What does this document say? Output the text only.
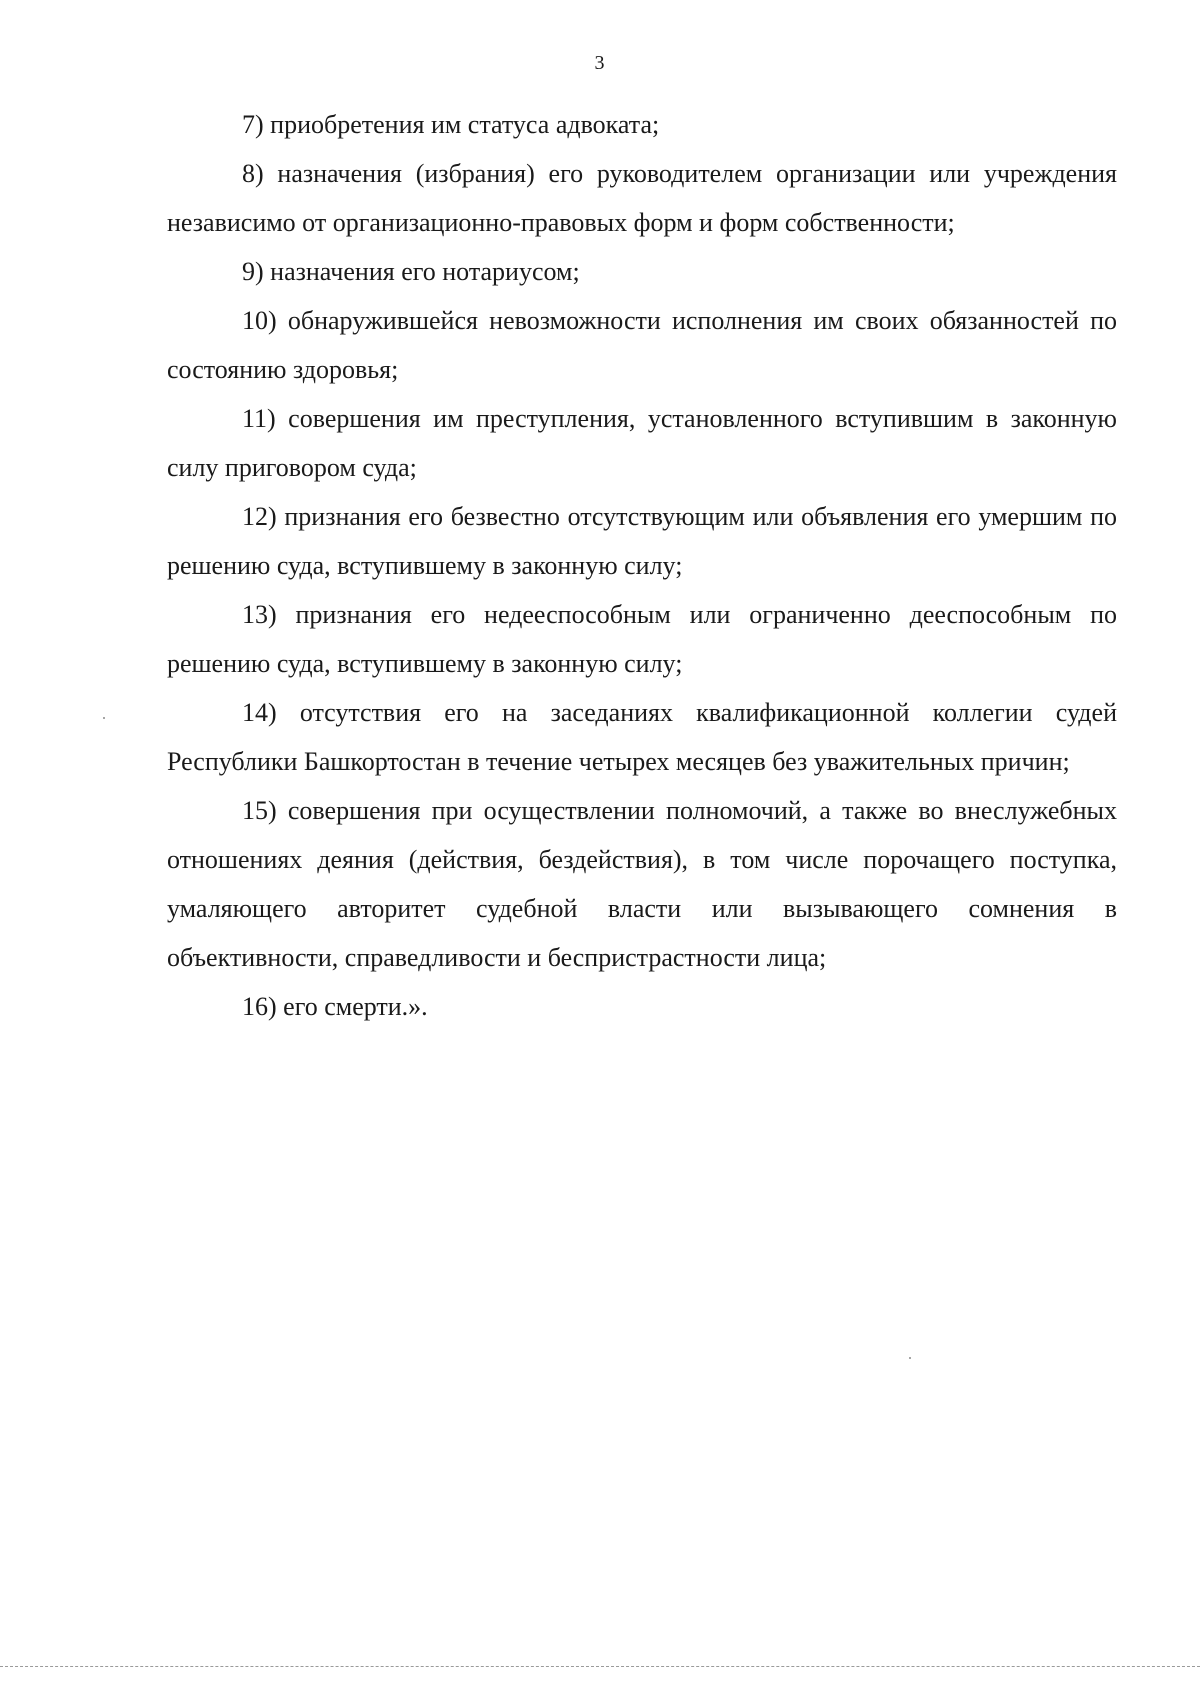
3

7) приобретения им статуса адвоката;

8) назначения (избрания) его руководителем организации или учреждения независимо от организационно-правовых форм и форм собственности;

9) назначения его нотариусом;

10) обнаружившейся невозможности исполнения им своих обязанностей по состоянию здоровья;

11) совершения им преступления, установленного вступившим в законную силу приговором суда;

12) признания его безвестно отсутствующим или объявления его умершим по решению суда, вступившему в законную силу;

13) признания его недееспособным или ограниченно дееспособным по решению суда, вступившему в законную силу;

14) отсутствия его на заседаниях квалификационной коллегии судей Республики Башкортостан в течение четырех месяцев без уважительных причин;

15) совершения при осуществлении полномочий, а также во внеслужебных отношениях деяния (действия, бездействия), в том числе порочащего поступка, умаляющего авторитет судебной власти или вызывающего сомнения в объективности, справедливости и беспристрастности лица;

16) его смерти.».
